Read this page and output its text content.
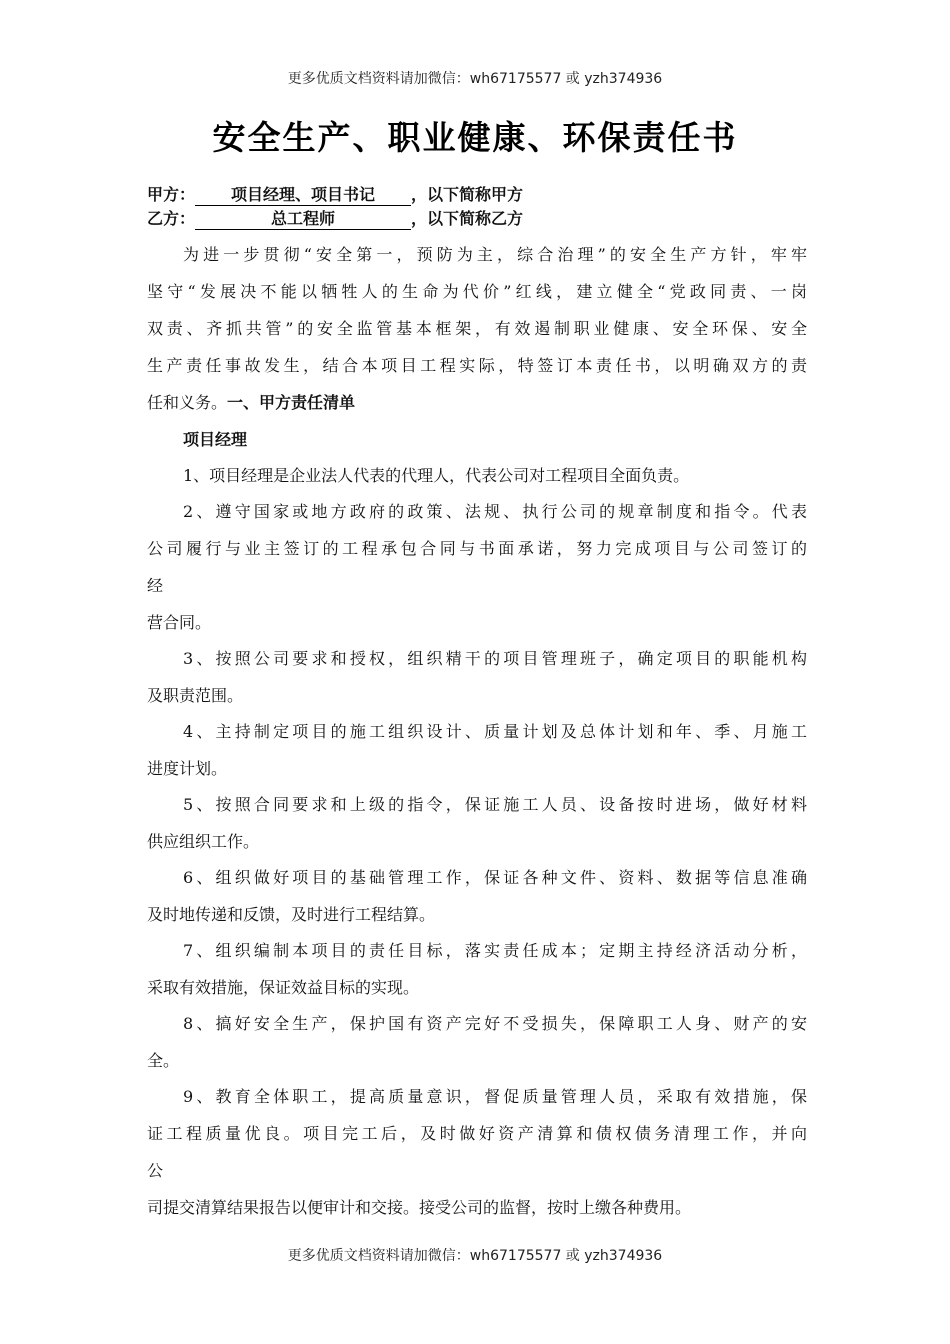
更多优质文档资料请加微信：wh67175577 或 yzh374936
安全生产、职业健康、环保责任书
甲方： 项目经理、项目书记 ，以下简称甲方
乙方：	总工程师	，以下简称乙方
为进一步贯彻“安全第一，预防为主，综合治理”的安全生产方针，牢牢
坚守“发展决不能以牺牲人的生命为代价”红线，建立健全“党政同责、一岗
双责、齐抓共管”的安全监管基本框架，有效遏制职业健康、安全环保、安全
生产责任事故发生，结合本项目工程实际，特签订本责任书，以明确双方的责
任和义务。一、甲方责任清单
项目经理
1、项目经理是企业法人代表的代理人，代表公司对工程项目全面负责。
2、遵守国家或地方政府的政策、法规、执行公司的规章制度和指令。代表
公司履行与业主签订的工程承包合同与书面承诺，努力完成项目与公司签订的
经
营合同。
3、按照公司要求和授权，组织精干的项目管理班子，确定项目的职能机构
及职责范围。
4、主持制定项目的施工组织设计、质量计划及总体计划和年、季、月施工
进度计划。
5、按照合同要求和上级的指令，保证施工人员、设备按时进场，做好材料
供应组织工作。
6、组织做好项目的基础管理工作，保证各种文件、资料、数据等信息准确
及时地传递和反馈，及时进行工程结算。
7、组织编制本项目的责任目标，落实责任成本；定期主持经济活动分析，
采取有效措施，保证效益目标的实现。
8、搞好安全生产，保护国有资产完好不受损失，保障职工人身、财产的安
全。
9、教育全体职工，提高质量意识，督促质量管理人员，采取有效措施，保
证工程质量优良。项目完工后，及时做好资产清算和债权债务清理工作，并向
公
司提交清算结果报告以便审计和交接。接受公司的监督，按时上缴各种费用。
更多优质文档资料请加微信：wh67175577 或 yzh374936
